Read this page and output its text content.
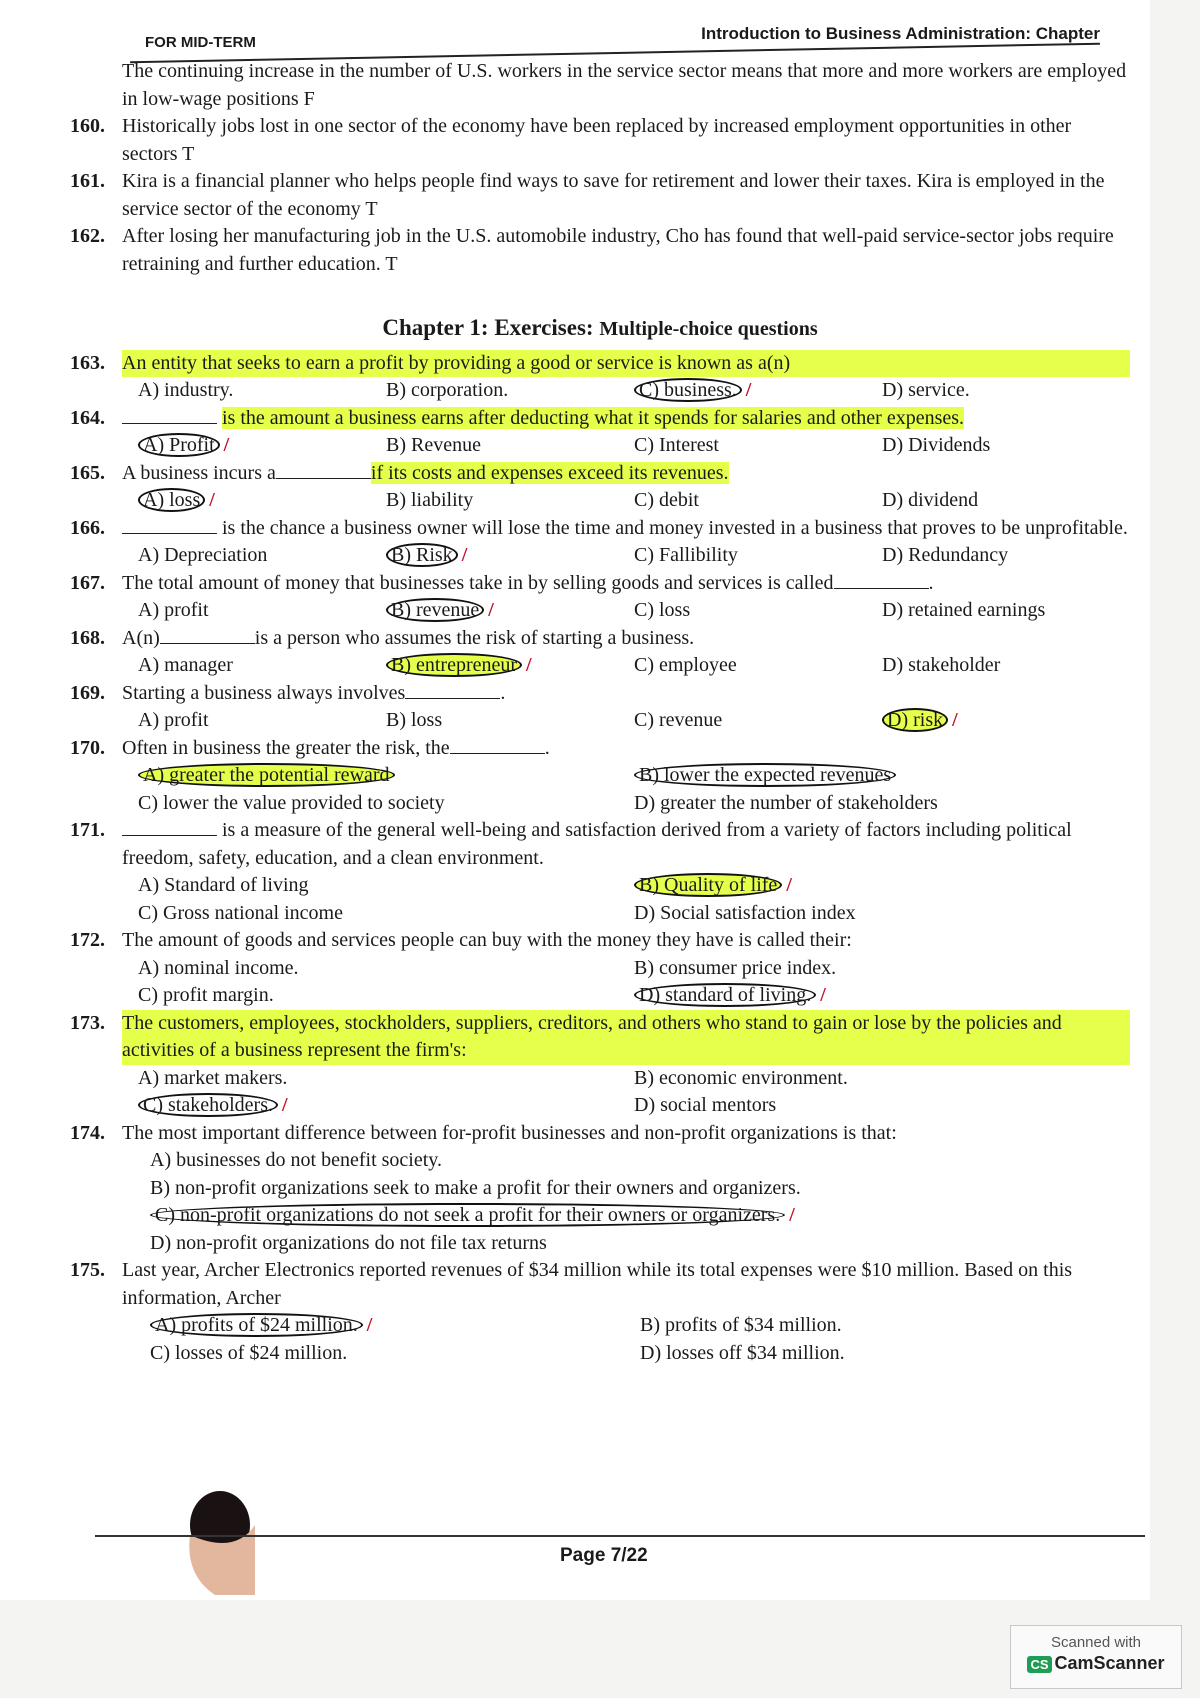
FOR MID-TERM	Introduction to Business Administration: Chapter
The continuing increase in the number of U.S. workers in the service sector means that more and more workers are employed in low-wage positions F
160. Historically jobs lost in one sector of the economy have been replaced by increased employment opportunities in other sectors T
161. Kira is a financial planner who helps people find ways to save for retirement and lower their taxes. Kira is employed in the service sector of the economy T
162. After losing her manufacturing job in the U.S. automobile industry, Cho has found that well-paid service-sector jobs require retraining and further education. T
Chapter 1: Exercises: Multiple-choice questions
163. An entity that seeks to earn a profit by providing a good or service is known as a(n)
A) industry.	B) corporation.	C) business. /	D) service.
164.	is the amount a business earns after deducting what it spends for salaries and other expenses.
A) Profit /	B) Revenue	C) Interest	D) Dividends
165. A business incurs a	if its costs and expenses exceed its revenues.
A) loss /	B) liability	C) debit	D) dividend
166.	is the chance a business owner will lose the time and money invested in a business that proves to be unprofitable.
A) Depreciation	B) Risk /	C) Fallibility	D) Redundancy
167. The total amount of money that businesses take in by selling goods and services is called	.
A) profit	B) revenue /	C) loss	D) retained earnings
168. A(n)	is a person who assumes the risk of starting a business.
A) manager	B) entrepreneur /	C) employee	D) stakeholder
169. Starting a business always involves	.
A) profit	B) loss	C) revenue	D) risk /
170. Often in business the greater the risk, the	.
A) greater the potential reward	B) lower the expected revenues
C) lower the value provided to society	D) greater the number of stakeholders
171.	is a measure of the general well-being and satisfaction derived from a variety of factors including political freedom, safety, education, and a clean environment.
A) Standard of living	B) Quality of life /
C) Gross national income	D) Social satisfaction index
172. The amount of goods and services people can buy with the money they have is called their:
A) nominal income.	B) consumer price index.
C) profit margin.	D) standard of living. /
173. The customers, employees, stockholders, suppliers, creditors, and others who stand to gain or lose by the policies and activities of a business represent the firm's:
A) market makers.	B) economic environment.
C) stakeholders. /	D) social mentors
174. The most important difference between for-profit businesses and non-profit organizations is that:
A) businesses do not benefit society.
B) non-profit organizations seek to make a profit for their owners and organizers.
C) non-profit organizations do not seek a profit for their owners or organizers. /
D) non-profit organizations do not file tax returns
175. Last year, Archer Electronics reported revenues of $34 million while its total expenses were $10 million. Based on this information, Archer
A) profits of $24 million. /	B) profits of $34 million.
C) losses of $24 million.	D) losses off $34 million.
Page 7/22
Scanned with
CS CamScanner
